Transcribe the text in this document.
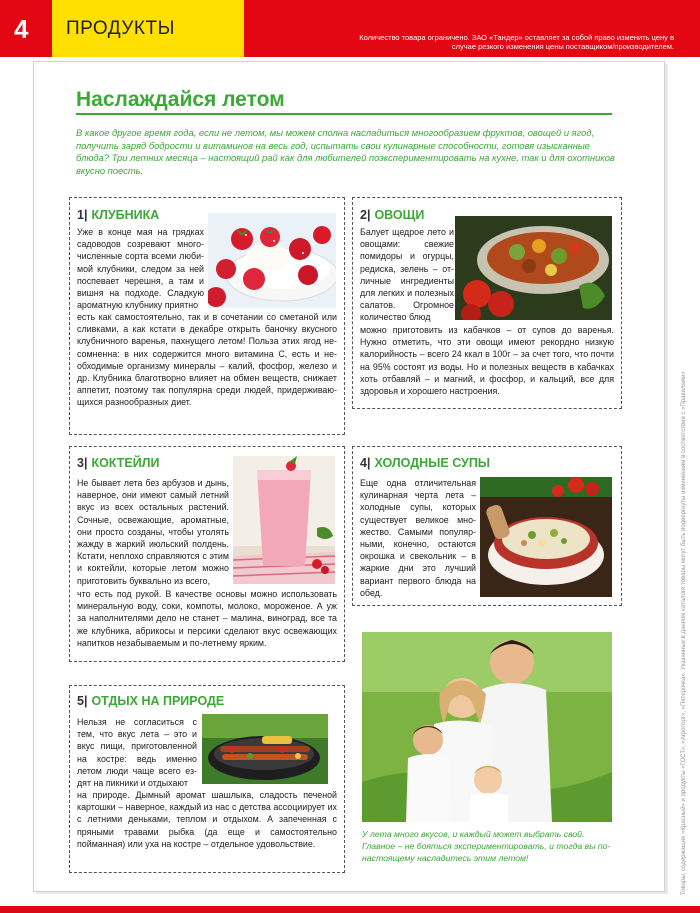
4 ПРОДУКТЫ	Количество товара ограничено. ЗАО «Тандер» оставляет за собой право изменить цену в случае резкого изменения цены поставщиком/производителем.
Наслаждайся летом
В какое другое время года, если не летом, мы можем сполна насладиться многообразием фруктов, овощей и ягод, получить заряд бодрости и витаминов на весь год, испытать свои кулинарные способности, готовя изысканные блюда? Три летних месяца – настоящий рай как для любителей поэкспериментировать на кухне, так и для охотников вкусно поесть.
1| КЛУБНИКА
Уже в конце мая на грядках садоводов созревают многочисленные сорта всеми любимой клубники, следом за ней поспевает черешня, а там и вишня на подходе. Сладкую ароматную клубнику приятно
есть как самостоятельно, так и в сочетании со сметаной или сливками, а как кстати в декабре открыть баночку вкусного клубничного варенья, пахнущего летом! Польза этих ягод несомненна: в них содержится много витамина С, есть и необходимые организму минералы – калий, фосфор, железо и др. Клубника благотворно влияет на обмен веществ, снижает аппетит, поэтому так популярна среди людей, придерживающихся разнообразных диет.
2| ОВОЩИ
Балует щедрое лето и овощами: свежие помидоры и огурцы, редиска, зелень – отличные ингредиенты для легких и полезных салатов. Огромное количество блюд
можно приготовить из кабачков – от супов до варенья. Нужно отметить, что эти овощи имеют рекордно низкую калорийность – всего 24 ккал в 100г – за счет того, что почти на 95% состоят из воды. Но и полезных веществ в кабачках хоть отбавляй – и магний, и фосфор, и кальций, все для здоровья и хорошего настроения.
3| КОКТЕЙЛИ
Не бывает лета без арбузов и дынь, наверное, они имеют самый летний вкус из всех остальных растений. Сочные, освежающие, ароматные, они просто созданы, чтобы утолять жажду в жаркий июльский полдень. Кстати, неплохо справляются с этим и коктейли, которые летом можно приготовить буквально из всего,
что есть под рукой. В качестве основы можно использовать минеральную воду, соки, компоты, молоко, мороженое. А уж за наполнителями дело не станет – малина, виноград, все та же клубника, абрикосы и персики сделают вкус освежающих напитков незабываемым и по-летнему ярким.
4| ХОЛОДНЫЕ СУПЫ
Еще одна отличительная кулинарная черта лета – холодные супы, которых существует великое множество. Самыми популярными, конечно, остаются окрошка и свекольник – в жаркие дни это лучший вариант первого блюда на обед.
5| ОТДЫХ НА ПРИРОДЕ
Нельзя не согласиться с тем, что вкус лета – это и вкус пищи, приготовленной на костре: ведь именно летом люди чаще всего ездят на пикники и отдыхают
на природе. Дымный аромат шашлыка, сладость печеной картошки – наверное, каждый из нас с детства ассоциирует их с летними деньками, теплом и отдыхом. А запеченная с пряными травами рыбка (да еще и самостоятельно пойманная) или уха на костре – отдельное удовольствие.
У лета много вкусов, и каждый может выбрать свой. Главное – не бояться экспериментировать, и тогда вы по-настоящему насладитесь этим летом!	Товары, содержащие «Красный» и продукты «ГОСТ», «Агроторг», «Пятерочка». Указанные в данном каталоге товары могут быть подвергнуты изменениям в соответствии с «Правилами»
